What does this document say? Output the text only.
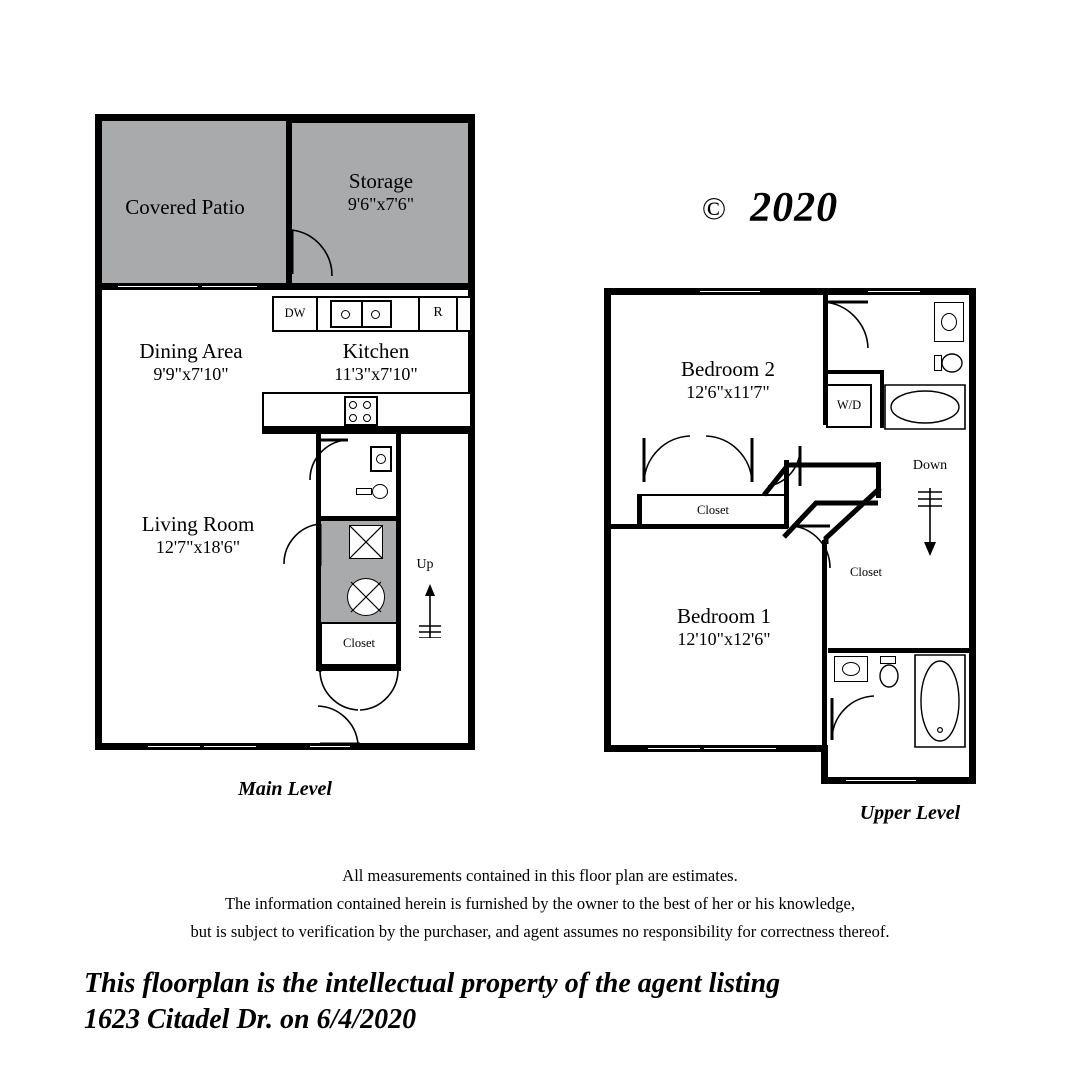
© 2020
DW	R
Closet
Up
Covered Patio
Storage
9'6"x7'6"
Dining Area
9'9"x7'10"
Kitchen
11'3"x7'10"
Living Room
12'7"x18'6"
Main Level
W/D
Closet
Closet
Down
Bedroom 2
12'6"x11'7"
Bedroom 1
12'10"x12'6"
Upper Level
All measurements contained in this floor plan are estimates.
The information contained herein is furnished by the owner to the best of her or his knowledge,
but is subject to verification by the purchaser, and agent assumes no responsibility for correctness thereof.
This floorplan is the intellectual property of the agent listing
1623 Citadel Dr. on 6/4/2020
